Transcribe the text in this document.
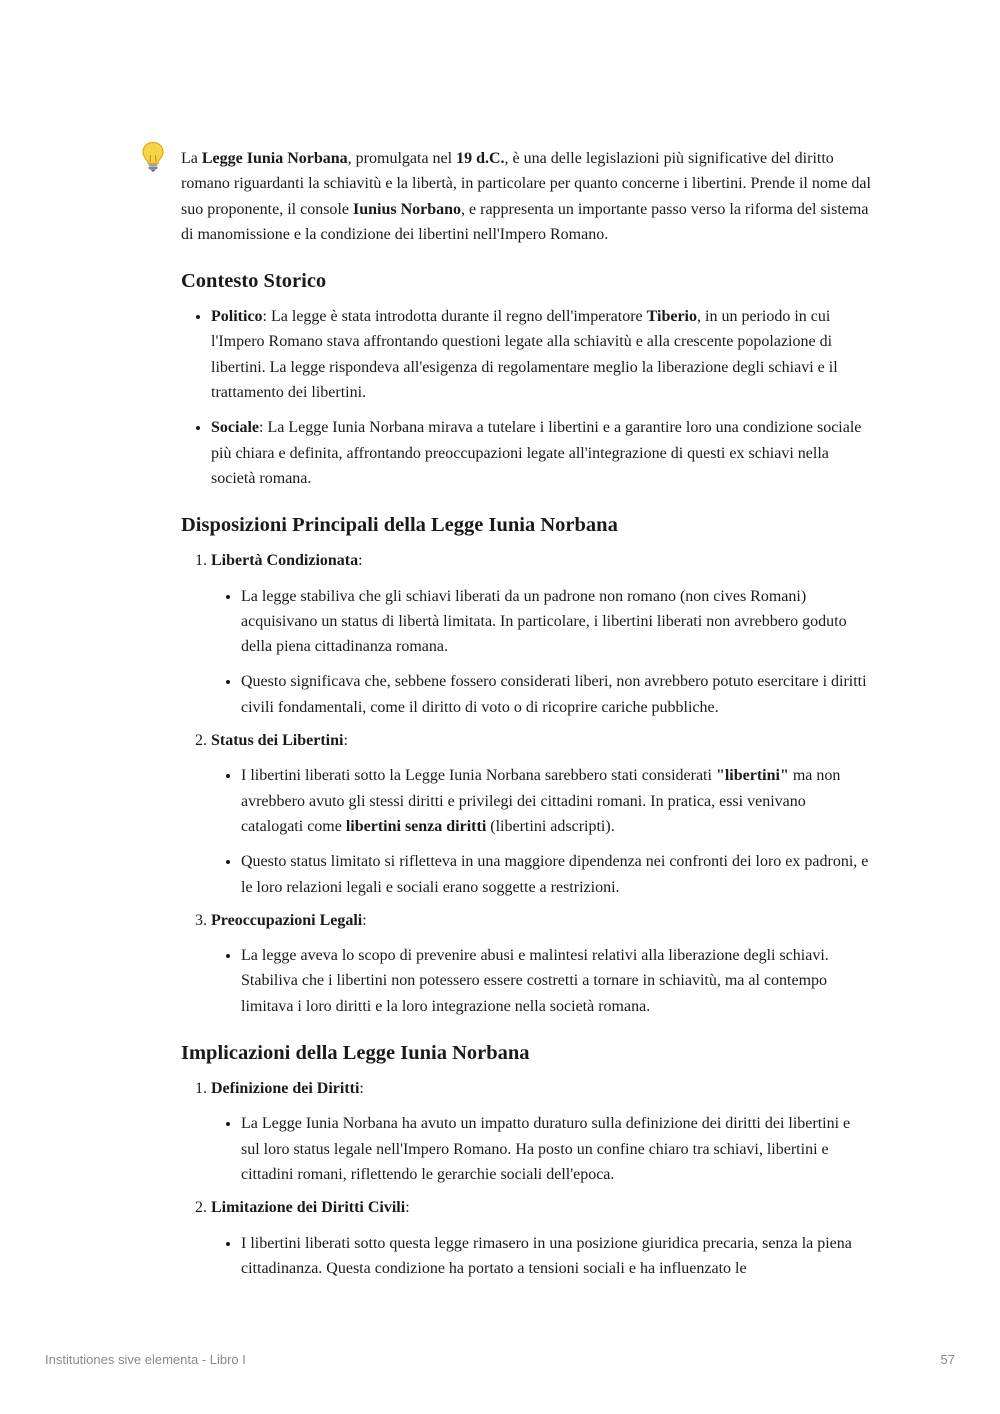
La Legge Iunia Norbana, promulgata nel 19 d.C., è una delle legislazioni più significative del diritto romano riguardanti la schiavitù e la libertà, in particolare per quanto concerne i libertini. Prende il nome dal suo proponente, il console Iunius Norbano, e rappresenta un importante passo verso la riforma del sistema di manomissione e la condizione dei libertini nell'Impero Romano.

Contesto Storico
• Politico: La legge è stata introdotta durante il regno dell'imperatore Tiberio, in un periodo in cui l'Impero Romano stava affrontando questioni legate alla schiavitù e alla crescente popolazione di libertini. La legge rispondeva all'esigenza di regolamentare meglio la liberazione degli schiavi e il trattamento dei libertini.
• Sociale: La Legge Iunia Norbana mirava a tutelare i libertini e a garantire loro una condizione sociale più chiara e definita, affrontando preoccupazioni legate all'integrazione di questi ex schiavi nella società romana.
Disposizioni Principali della Legge Iunia Norbana
1. Libertà Condizionata:
• La legge stabiliva che gli schiavi liberati da un padrone non romano (non cives Romani) acquisivano un status di libertà limitata. In particolare, i libertini liberati non avrebbero goduto della piena cittadinanza romana.
• Questo significava che, sebbene fossero considerati liberi, non avrebbero potuto esercitare i diritti civili fondamentali, come il diritto di voto o di ricoprire cariche pubbliche.
2. Status dei Libertini:
• I libertini liberati sotto la Legge Iunia Norbana sarebbero stati considerati "libertini" ma non avrebbero avuto gli stessi diritti e privilegi dei cittadini romani. In pratica, essi venivano catalogati come libertini senza diritti (libertini adscripti).
• Questo status limitato si rifletteva in una maggiore dipendenza nei confronti dei loro ex padroni, e le loro relazioni legali e sociali erano soggette a restrizioni.
3. Preoccupazioni Legali:
• La legge aveva lo scopo di prevenire abusi e malintesi relativi alla liberazione degli schiavi. Stabiliva che i libertini non potessero essere costretti a tornare in schiavitù, ma al contempo limitava i loro diritti e la loro integrazione nella società romana.
Implicazioni della Legge Iunia Norbana
1. Definizione dei Diritti:
• La Legge Iunia Norbana ha avuto un impatto duraturo sulla definizione dei diritti dei libertini e sul loro status legale nell'Impero Romano. Ha posto un confine chiaro tra schiavi, libertini e cittadini romani, riflettendo le gerarchie sociali dell'epoca.
2. Limitazione dei Diritti Civili:
• I libertini liberati sotto questa legge rimasero in una posizione giuridica precaria, senza la piena cittadinanza. Questa condizione ha portato a tensioni sociali e ha influenzato le
Institutiones sive elementa - Libro I	57
